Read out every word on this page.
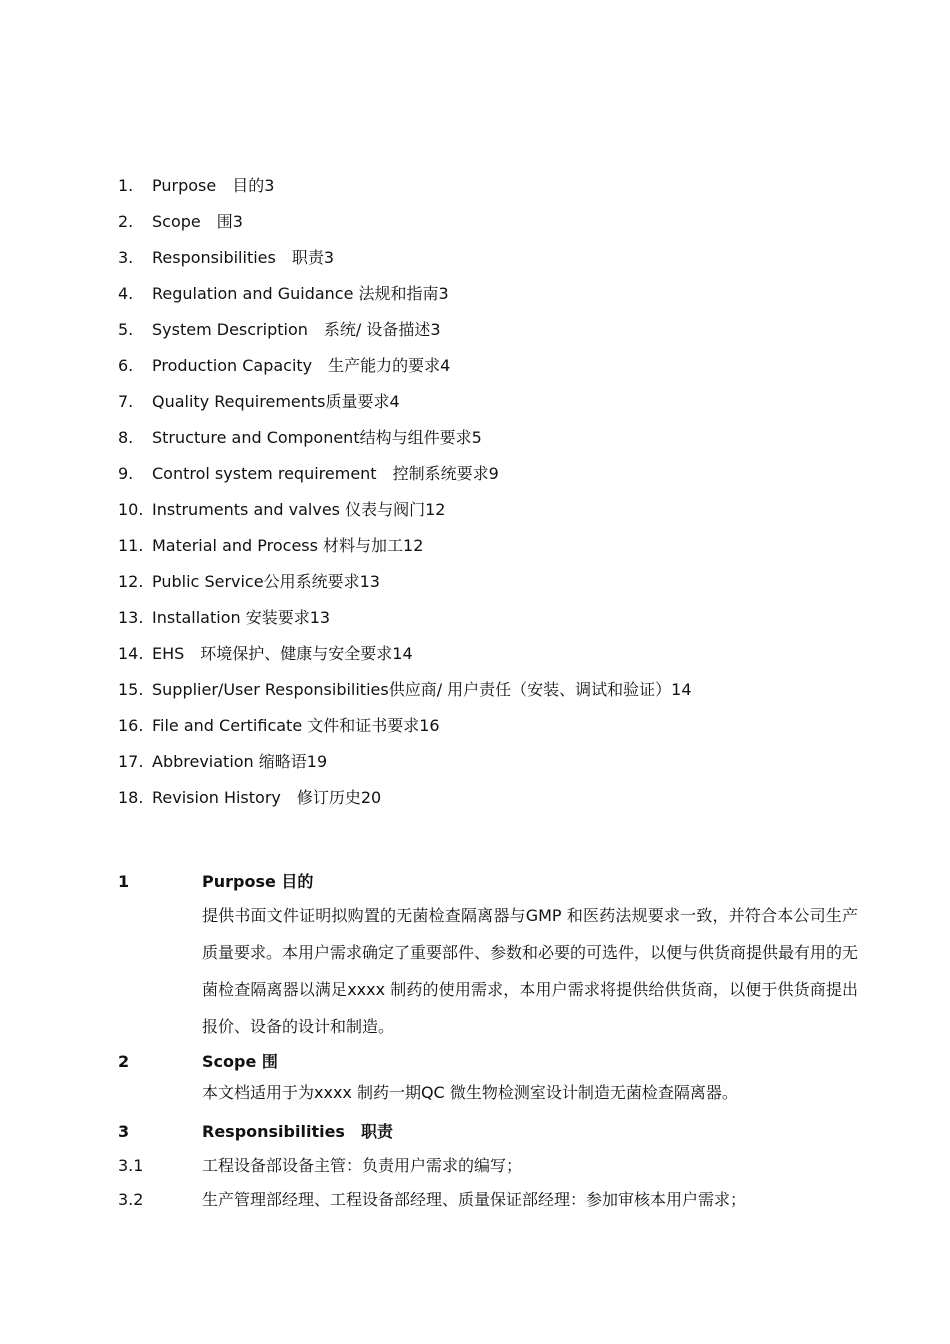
1.	Purpose　目的3
2.	Scope　围3
3.	Responsibilities　职责3
4.	Regulation and Guidance 法规和指南3
5.	System Description　系统/ 设备描述3
6.	Production Capacity　生产能力的要求4
7.	Quality Requirements质量要求4
8.	Structure and Component结构与组件要求5
9.	Control system requirement　控制系统要求9
10. Instruments and valves 仪表与阀门12
11. Material and Process 材料与加工12
12. Public Service公用系统要求13
13. Installation 安装要求13
14. EHS　环境保护、健康与安全要求14
15. Supplier/User Responsibilities供应商/ 用户责任（安装、调试和验证）14
16. File and Certificate 文件和证书要求16
17. Abbreviation 缩略语19
18. Revision History　修订历史20
1	Purpose 目的
提供书面文件证明拟购置的无菌检查隔离器与GMP 和医药法规要求一致，并符合本公司生产质量要求。本用户需求确定了重要部件、参数和必要的可选件，以便与供货商提供最有用的无菌检查隔离器以满足xxxx 制药的使用需求，本用户需求将提供给供货商，以便于供货商提出报价、设备的设计和制造。
2	Scope 围
本文档适用于为xxxx 制药一期QC 微生物检测室设计制造无菌检查隔离器。
3	Responsibilities　职责
3.1	工程设备部设备主管：负责用户需求的编写；
3.2	生产管理部经理、工程设备部经理、质量保证部经理：参加审核本用户需求；
